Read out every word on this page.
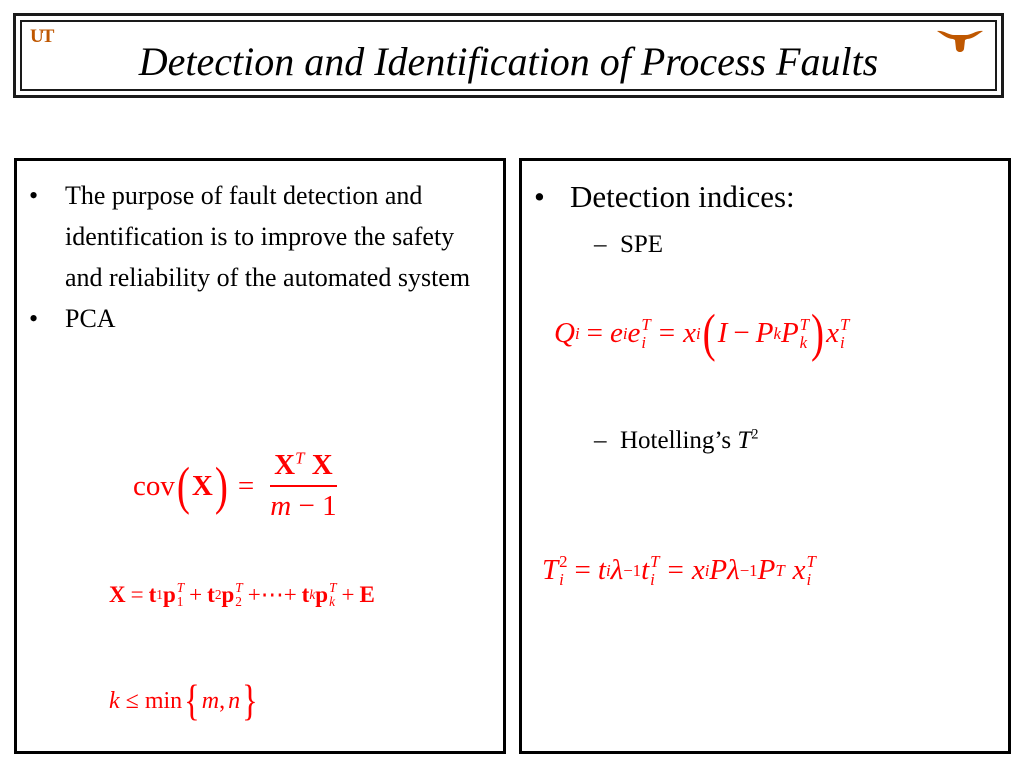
UT
Detection and Identification of Process Faults
• The purpose of fault detection and identification is to improve the safety and reliability of the automated system
• PCA
cov ( X ) = $\frac{X^T X}{m - 1}$
X = t 1 p T
1 + t 2 p T
2 +⋯+ t k p T
k + E
k ≤ min { m , n }
• Detection indices:
– SPE
Q i = e i e T
i = x i ( I − P k P T
k ) x T
i
– Hotelling’s $T^2$
T 2
i = t i λ −1 t T
i = x i P λ −1 P T x T
i
